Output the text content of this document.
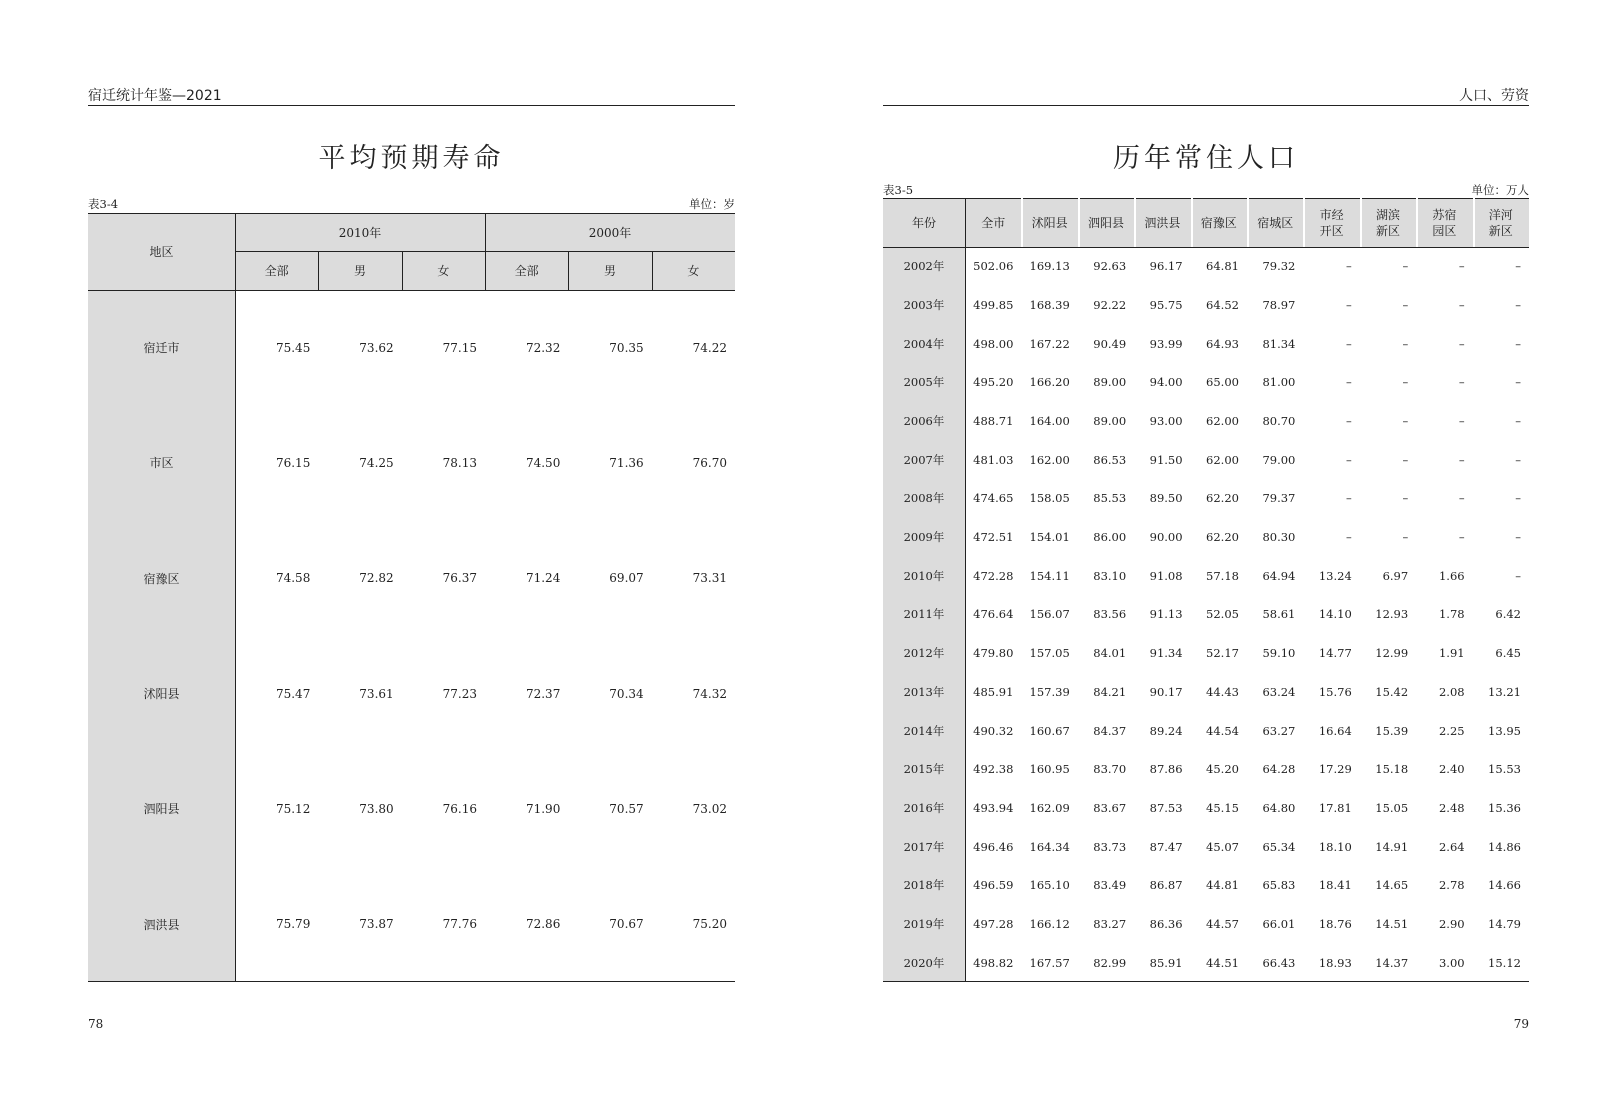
宿迁统计年鉴—2021
平均预期寿命
表3-4	单位：岁
地区
2010年	2000年
全部	男	女	全部	男	女
宿迁市	75.45	73.62	77.15	72.32	70.35	74.22
市区	76.15	74.25	78.13	74.50	71.36	76.70
宿豫区	74.58	72.82	76.37	71.24	69.07	73.31
沭阳县	75.47	73.61	77.23	72.37	70.34	74.32
泗阳县	75.12	73.80	76.16	71.90	70.57	73.02
泗洪县	75.79	73.87	77.76	72.86	70.67	75.20
78
人口、劳资
历年常住人口
表3-5	单位：万人
年份	全市 沭阳县 泗阳县 泗洪县 宿豫区 宿城区
市经
开区
湖滨
新区
苏宿
园区
洋河
新区
2002年	502.06	169.13	92.63	96.17	64.81	79.32	–	–	–	–
2003年	499.85	168.39	92.22	95.75	64.52	78.97	–	–	–	–
2004年	498.00	167.22	90.49	93.99	64.93	81.34	–	–	–	–
2005年	495.20	166.20	89.00	94.00	65.00	81.00	–	–	–	–
2006年	488.71	164.00	89.00	93.00	62.00	80.70	–	–	–	–
2007年	481.03	162.00	86.53	91.50	62.00	79.00	–	–	–	–
2008年	474.65	158.05	85.53	89.50	62.20	79.37	–	–	–	–
2009年	472.51	154.01	86.00	90.00	62.20	80.30	–	–	–	–
2010年	472.28	154.11	83.10	91.08	57.18	64.94	13.24	6.97	1.66	–
2011年	476.64	156.07	83.56	91.13	52.05	58.61	14.10	12.93	1.78	6.42
2012年	479.80	157.05	84.01	91.34	52.17	59.10	14.77	12.99	1.91	6.45
2013年	485.91	157.39	84.21	90.17	44.43	63.24	15.76	15.42	2.08	13.21
2014年	490.32	160.67	84.37	89.24	44.54	63.27	16.64	15.39	2.25	13.95
2015年	492.38	160.95	83.70	87.86	45.20	64.28	17.29	15.18	2.40	15.53
2016年	493.94	162.09	83.67	87.53	45.15	64.80	17.81	15.05	2.48	15.36
2017年	496.46	164.34	83.73	87.47	45.07	65.34	18.10	14.91	2.64	14.86
2018年	496.59	165.10	83.49	86.87	44.81	65.83	18.41	14.65	2.78	14.66
2019年	497.28	166.12	83.27	86.36	44.57	66.01	18.76	14.51	2.90	14.79
2020年	498.82	167.57	82.99	85.91	44.51	66.43	18.93	14.37	3.00	15.12
79
